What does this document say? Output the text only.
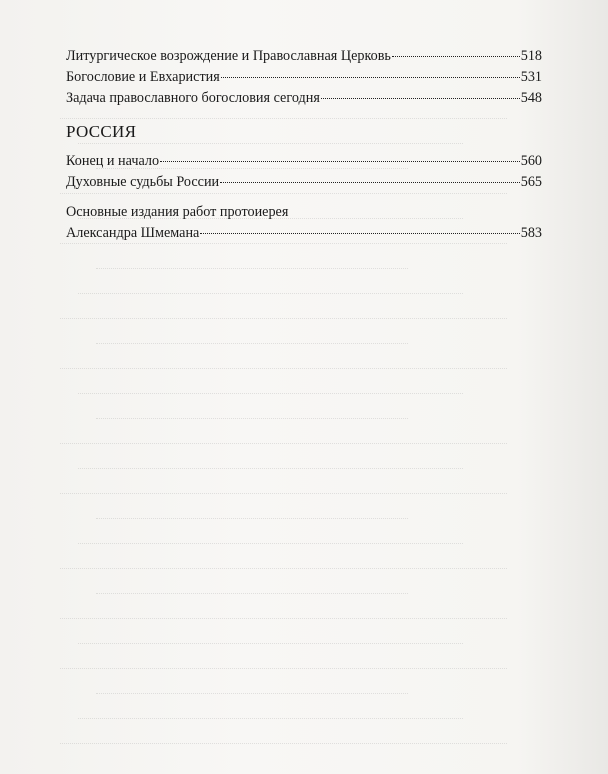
Литургическое возрождение и Православная Церковь	518
Богословие и Евхаристия	531
Задача православного богословия сегодня	548
РОССИЯ
Конец и начало	560
Духовные судьбы России	565
Основные издания работ протоиерея
Александра Шмемана	583
